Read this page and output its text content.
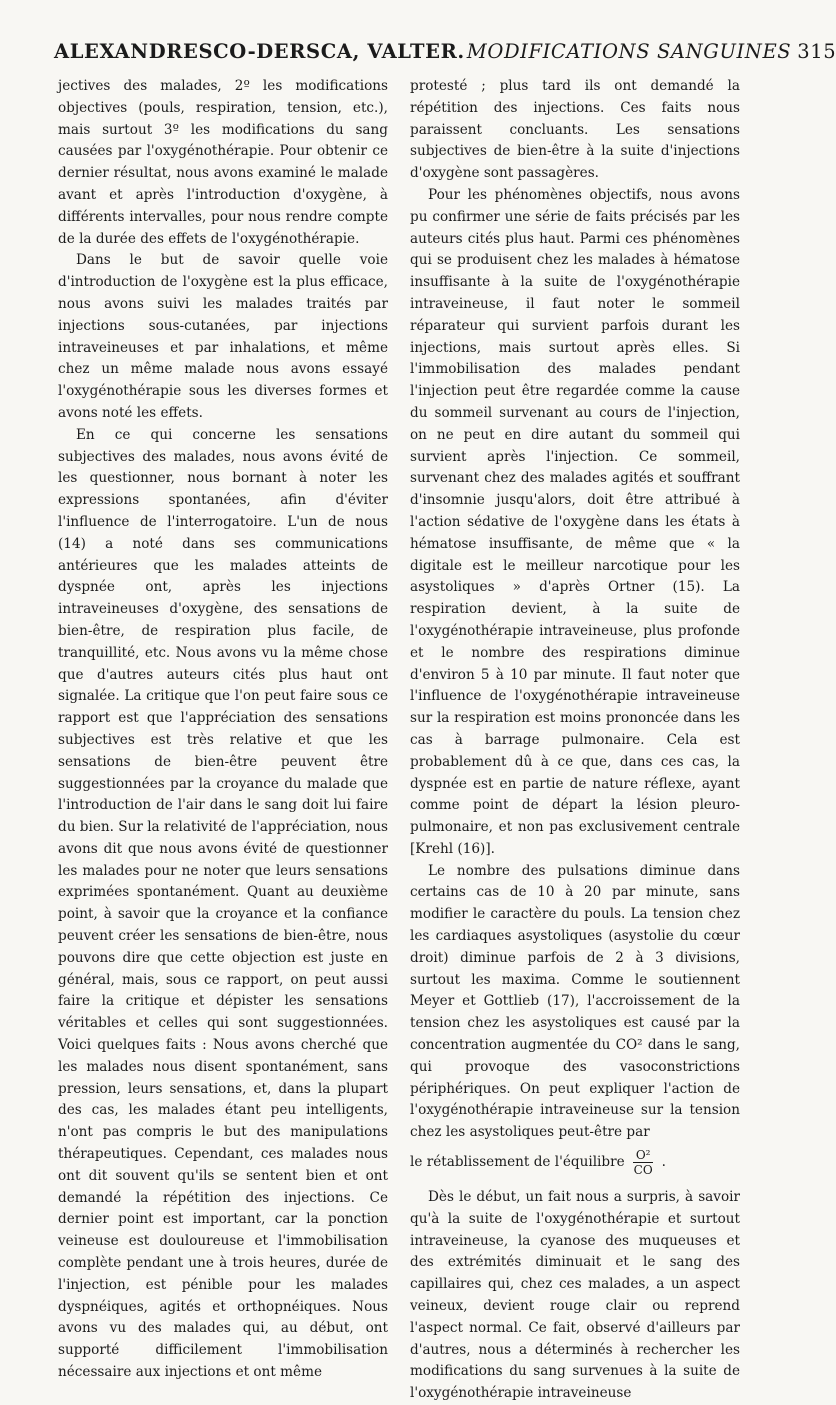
ALEXANDRESCO-DERSCA, VALTER. MODIFICATIONS SANGUINES 315

jectives des malades, 2º les modifications objectives (pouls, respiration, tension, etc.), mais surtout 3º les modifications du sang causées par l'oxygénothérapie. Pour obtenir ce dernier résultat, nous avons examiné le malade avant et après l'introduction d'oxygène, à différents intervalles, pour nous rendre compte de la durée des effets de l'oxygénothérapie.

Dans le but de savoir quelle voie d'introduction de l'oxygène est la plus efficace, nous avons suivi les malades traités par injections sous-cutanées, par injections intraveineuses et par inhalations, et même chez un même malade nous avons essayé l'oxygénothérapie sous les diverses formes et avons noté les effets.

En ce qui concerne les sensations subjectives des malades, nous avons évité de les questionner, nous bornant à noter les expressions spontanées, afin d'éviter l'influence de l'interrogatoire. L'un de nous (14) a noté dans ses communications antérieures que les malades atteints de dyspnée ont, après les injections intraveineuses d'oxygène, des sensations de bien-être, de respiration plus facile, de tranquillité, etc. Nous avons vu la même chose que d'autres auteurs cités plus haut ont signalée. La critique que l'on peut faire sous ce rapport est que l'appréciation des sensations subjectives est très relative et que les sensations de bien-être peuvent être suggestionnées par la croyance du malade que l'introduction de l'air dans le sang doit lui faire du bien. Sur la relativité de l'appréciation, nous avons dit que nous avons évité de questionner les malades pour ne noter que leurs sensations exprimées spontanément. Quant au deuxième point, à savoir que la croyance et la confiance peuvent créer les sensations de bien-être, nous pouvons dire que cette objection est juste en général, mais, sous ce rapport, on peut aussi faire la critique et dépister les sensations véritables et celles qui sont suggestionnées. Voici quelques faits : Nous avons cherché que les malades nous disent spontanément, sans pression, leurs sensations, et, dans la plupart des cas, les malades étant peu intelligents, n'ont pas compris le but des manipulations thérapeutiques. Cependant, ces malades nous ont dit souvent qu'ils se sentent bien et ont demandé la répétition des injections. Ce dernier point est important, car la ponction veineuse est douloureuse et l'immobilisation complète pendant une à trois heures, durée de l'injection, est pénible pour les malades dyspnéiques, agités et orthopnéiques. Nous avons vu des malades qui, au début, ont supporté difficilement l'immobilisation nécessaire aux injections et ont même

protesté ; plus tard ils ont demandé la répétition des injections. Ces faits nous paraissent concluants. Les sensations subjectives de bien-être à la suite d'injections d'oxygène sont passagères.

Pour les phénomènes objectifs, nous avons pu confirmer une série de faits précisés par les auteurs cités plus haut. Parmi ces phénomènes qui se produisent chez les malades à hématose insuffisante à la suite de l'oxygénothérapie intraveineuse, il faut noter le sommeil réparateur qui survient parfois durant les injections, mais surtout après elles. Si l'immobilisation des malades pendant l'injection peut être regardée comme la cause du sommeil survenant au cours de l'injection, on ne peut en dire autant du sommeil qui survient après l'injection. Ce sommeil, survenant chez des malades agités et souffrant d'insomnie jusqu'alors, doit être attribué à l'action sédative de l'oxygène dans les états à hématose insuffisante, de même que « la digitale est le meilleur narcotique pour les asystoliques » d'après Ortner (15). La respiration devient, à la suite de l'oxygénothérapie intraveineuse, plus profonde et le nombre des respirations diminue d'environ 5 à 10 par minute. Il faut noter que l'influence de l'oxygénothérapie intraveineuse sur la respiration est moins prononcée dans les cas à barrage pulmonaire. Cela est probablement dû à ce que, dans ces cas, la dyspnée est en partie de nature réflexe, ayant comme point de départ la lésion pleuro-pulmonaire, et non pas exclusivement centrale [Krehl (16)].

Le nombre des pulsations diminue dans certains cas de 10 à 20 par minute, sans modifier le caractère du pouls. La tension chez les cardiaques asystoliques (asystolie du cœur droit) diminue parfois de 2 à 3 divisions, surtout les maxima. Comme le soutiennent Meyer et Gottlieb (17), l'accroissement de la tension chez les asystoliques est causé par la concentration augmentée du CO² dans le sang, qui provoque des vasoconstrictions périphériques. On peut expliquer l'action de l'oxygénothérapie intraveineuse sur la tension chez les asystoliques peut-être par

le rétablissement de l'équilibre $\frac{\text{O²}}{CO}$ .

Dès le début, un fait nous a surpris, à savoir qu'à la suite de l'oxygénothérapie et surtout intraveineuse, la cyanose des muqueuses et des extrémités diminuait et le sang des capillaires qui, chez ces malades, a un aspect veineux, devient rouge clair ou reprend l'aspect normal. Ce fait, observé d'ailleurs par d'autres, nous a déterminés à rechercher les modifications du sang survenues à la suite de l'oxygénothérapie intraveineuse
